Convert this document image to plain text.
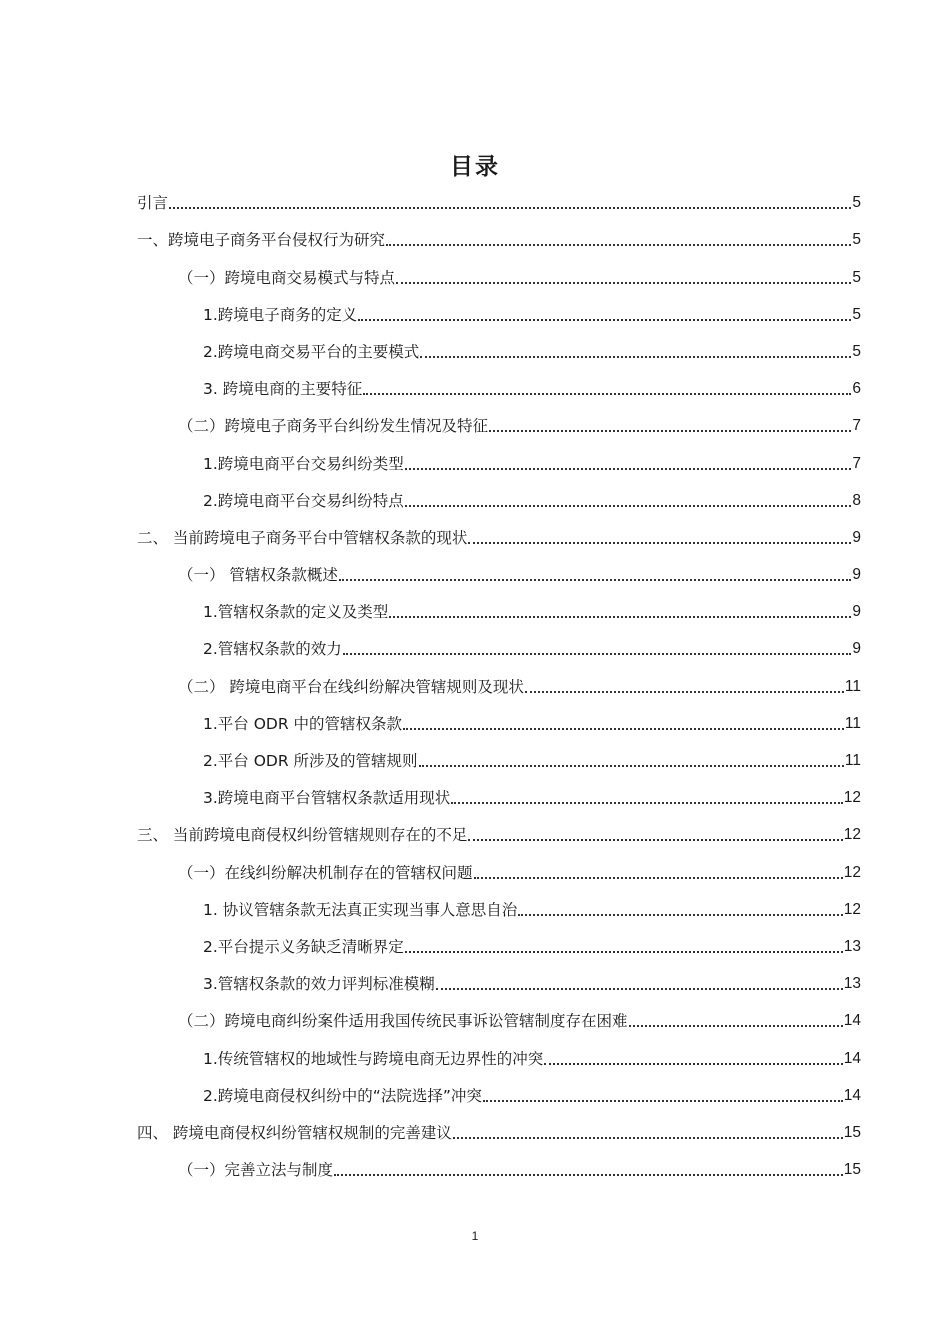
目录
引言	5
一、跨境电子商务平台侵权行为研究	5
（一）跨境电商交易模式与特点	5
1.跨境电子商务的定义	5
2.跨境电商交易平台的主要模式	5
3. 跨境电商的主要特征	6
（二）跨境电子商务平台纠纷发生情况及特征	7
1.跨境电商平台交易纠纷类型	7
2.跨境电商平台交易纠纷特点	8
二、 当前跨境电子商务平台中管辖权条款的现状	9
（一） 管辖权条款概述	9
1.管辖权条款的定义及类型	9
2.管辖权条款的效力	9
（二） 跨境电商平台在线纠纷解决管辖规则及现状	11
1.平台 ODR 中的管辖权条款	11
2.平台 ODR 所涉及的管辖规则	11
3.跨境电商平台管辖权条款适用现状	12
三、 当前跨境电商侵权纠纷管辖规则存在的不足	12
（一）在线纠纷解决机制存在的管辖权问题	12
1. 协议管辖条款无法真正实现当事人意思自治	12
2.平台提示义务缺乏清晰界定	13
3.管辖权条款的效力评判标准模糊	13
（二）跨境电商纠纷案件适用我国传统民事诉讼管辖制度存在困难	14
1.传统管辖权的地域性与跨境电商无边界性的冲突	14
2.跨境电商侵权纠纷中的“法院选择”冲突	14
四、 跨境电商侵权纠纷管辖权规制的完善建议	15
（一）完善立法与制度	15
1
